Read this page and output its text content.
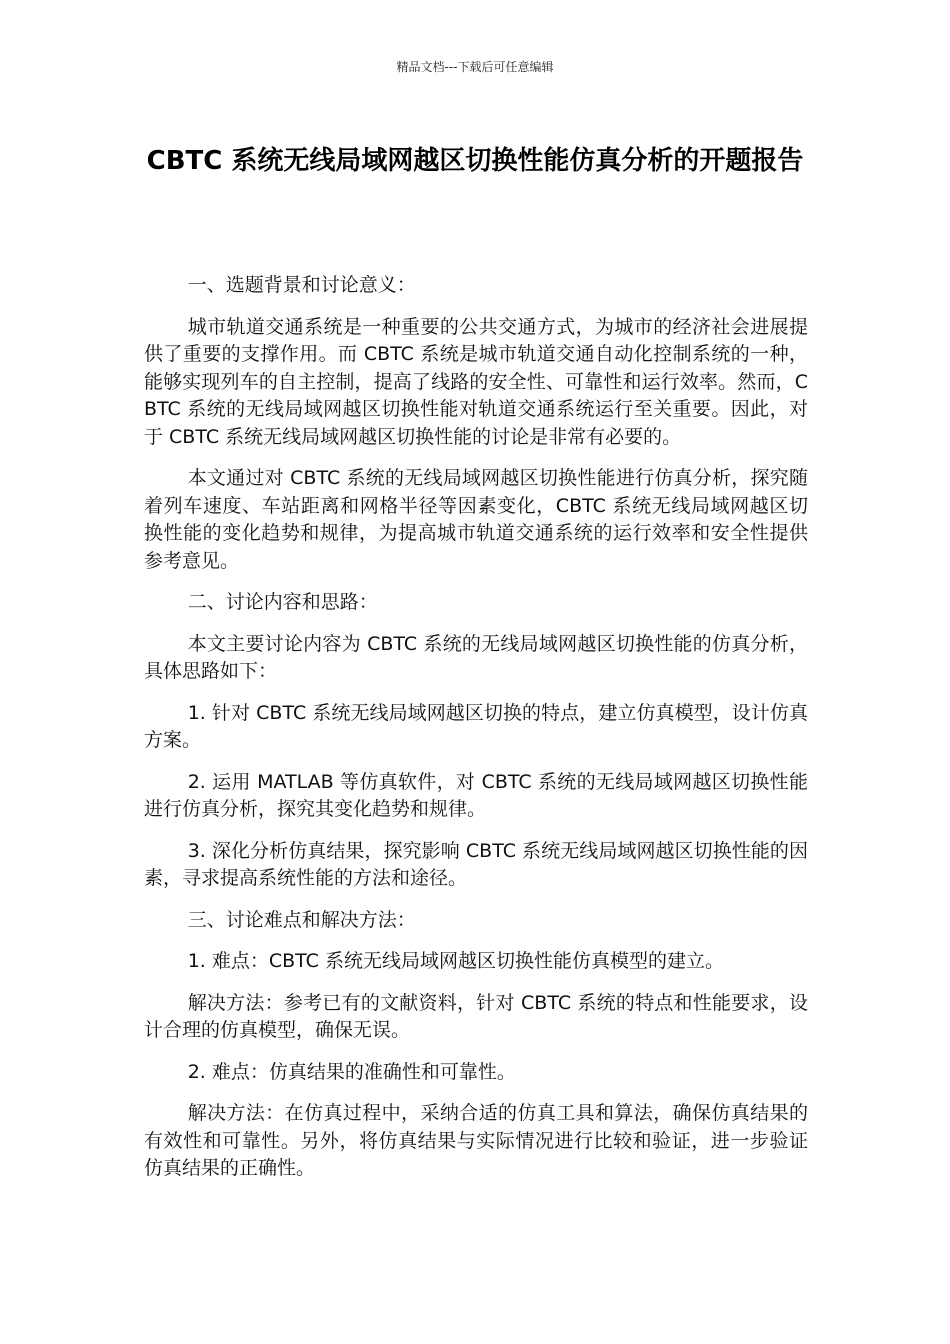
精品文档---下载后可任意编辑
CBTC 系统无线局域网越区切换性能仿真分析的开题报告

一、选题背景和讨论意义：

城市轨道交通系统是一种重要的公共交通方式，为城市的经济社会进展提供了重要的支撑作用。而 CBTC 系统是城市轨道交通自动化控制系统的一种，能够实现列车的自主控制，提高了线路的安全性、可靠性和运行效率。然而，CBTC 系统的无线局域网越区切换性能对轨道交通系统运行至关重要。因此，对于 CBTC 系统无线局域网越区切换性能的讨论是非常有必要的。

本文通过对 CBTC 系统的无线局域网越区切换性能进行仿真分析，探究随着列车速度、车站距离和网格半径等因素变化，CBTC 系统无线局域网越区切换性能的变化趋势和规律，为提高城市轨道交通系统的运行效率和安全性提供参考意见。

二、讨论内容和思路：

本文主要讨论内容为 CBTC 系统的无线局域网越区切换性能的仿真分析，具体思路如下：

1. 针对 CBTC 系统无线局域网越区切换的特点，建立仿真模型，设计仿真方案。

2. 运用 MATLAB 等仿真软件，对 CBTC 系统的无线局域网越区切换性能进行仿真分析，探究其变化趋势和规律。

3. 深化分析仿真结果，探究影响 CBTC 系统无线局域网越区切换性能的因素，寻求提高系统性能的方法和途径。

三、讨论难点和解决方法：

1. 难点：CBTC 系统无线局域网越区切换性能仿真模型的建立。

解决方法：参考已有的文献资料，针对 CBTC 系统的特点和性能要求，设计合理的仿真模型，确保无误。

2. 难点：仿真结果的准确性和可靠性。

解决方法：在仿真过程中，采纳合适的仿真工具和算法，确保仿真结果的有效性和可靠性。另外，将仿真结果与实际情况进行比较和验证，进一步验证仿真结果的正确性。
